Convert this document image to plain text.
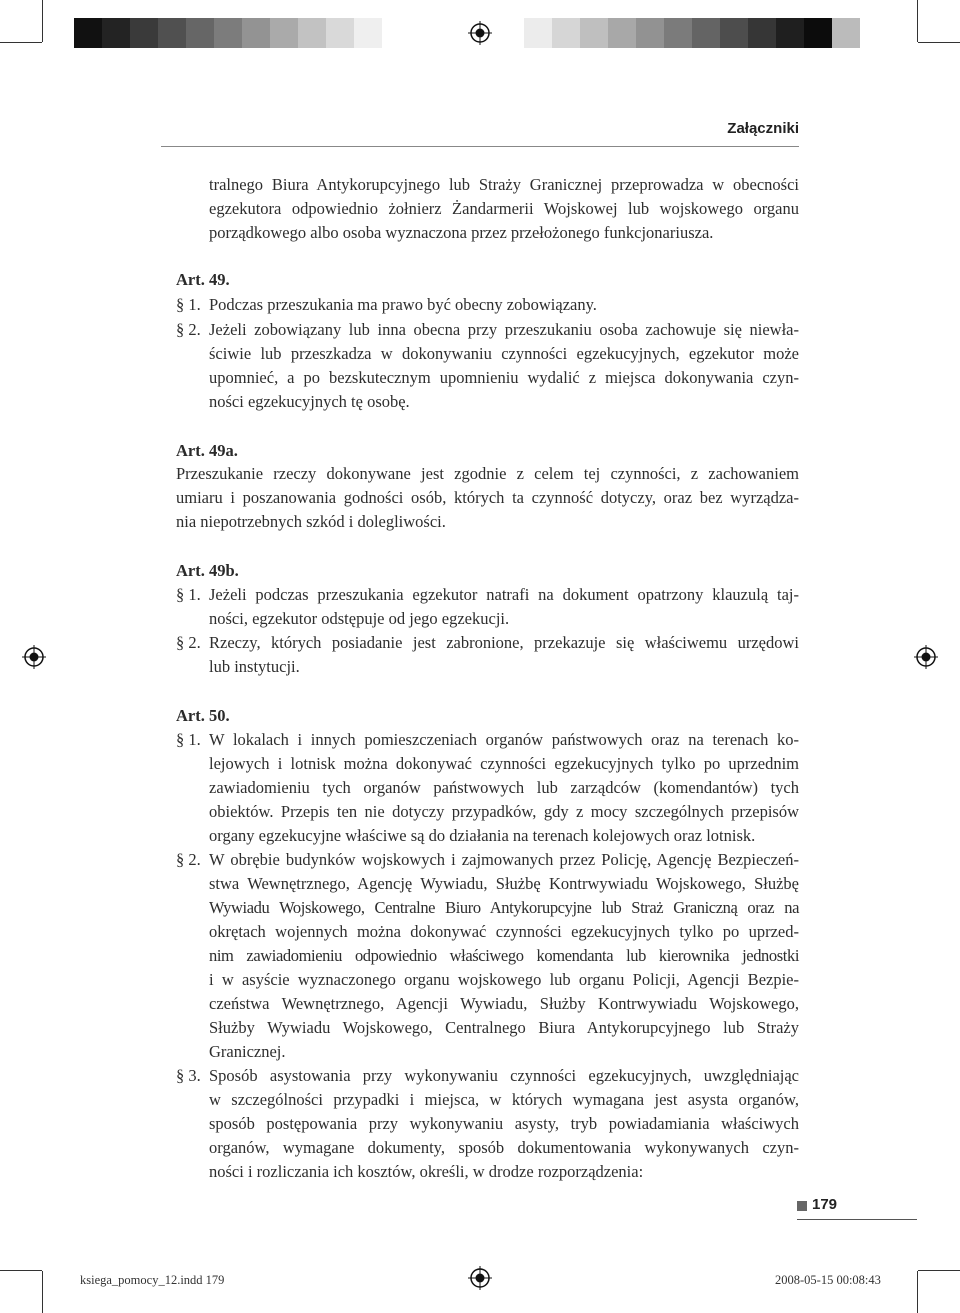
Załączniki
tralnego Biura Antykorupcyjnego lub Straży Granicznej przeprowadza w obecności
egzekutora odpowiednio żołnierz Żandarmerii Wojskowej lub wojskowego organu
porządkowego albo osoba wyznaczona przez przełożonego funkcjonariusza.
Art. 49.
§ 1. Podczas przeszukania ma prawo być obecny zobowiązany.
§ 2. Jeżeli zobowiązany lub inna obecna przy przeszukaniu osoba zachowuje się niewła-
ściwie lub przeszkadza w dokonywaniu czynności egzekucyjnych, egzekutor może
upomnieć, a po bezskutecznym upomnieniu wydalić z miejsca dokonywania czyn-
ności egzekucyjnych tę osobę.
Art. 49a.
Przeszukanie rzeczy dokonywane jest zgodnie z celem tej czynności, z zachowaniem
umiaru i poszanowania godności osób, których ta czynność dotyczy, oraz bez wyrządza-
nia niepotrzebnych szkód i dolegliwości.
Art. 49b.
§ 1. Jeżeli podczas przeszukania egzekutor natrafi na dokument opatrzony klauzulą taj-
ności, egzekutor odstępuje od jego egzekucji.
§ 2. Rzeczy, których posiadanie jest zabronione, przekazuje się właściwemu urzędowi
lub instytucji.
Art. 50.
§ 1. W lokalach i innych pomieszczeniach organów państwowych oraz na terenach ko-
lejowych i lotnisk można dokonywać czynności egzekucyjnych tylko po uprzednim
zawiadomieniu tych organów państwowych lub zarządców (komendantów) tych
obiektów. Przepis ten nie dotyczy przypadków, gdy z mocy szczególnych przepisów
organy egzekucyjne właściwe są do działania na terenach kolejowych oraz lotnisk.
§ 2. W obrębie budynków wojskowych i zajmowanych przez Policję, Agencję Bezpieczeń-
stwa Wewnętrznego, Agencję Wywiadu, Służbę Kontrwywiadu Wojskowego, Służbę
Wywiadu Wojskowego, Centralne Biuro Antykorupcyjne lub Straż Graniczną oraz na
okrętach wojennych można dokonywać czynności egzekucyjnych tylko po uprzed-
nim zawiadomieniu odpowiednio właściwego komendanta lub kierownika jednostki
i w asyście wyznaczonego organu wojskowego lub organu Policji, Agencji Bezpie-
czeństwa Wewnętrznego, Agencji Wywiadu, Służby Kontrwywiadu Wojskowego,
Służby Wywiadu Wojskowego, Centralnego Biura Antykorupcyjnego lub Straży
Granicznej.
§ 3. Sposób asystowania przy wykonywaniu czynności egzekucyjnych, uwzględniając
w szczególności przypadki i miejsca, w których wymagana jest asysta organów,
sposób postępowania przy wykonywaniu asysty, tryb powiadamiania właściwych
organów, wymagane dokumenty, sposób dokumentowania wykonywanych czyn-
ności i rozliczania ich kosztów, określi, w drodze rozporządzenia:
179
ksiega_pomocy_12.indd 179	2008-05-15 00:08:43
